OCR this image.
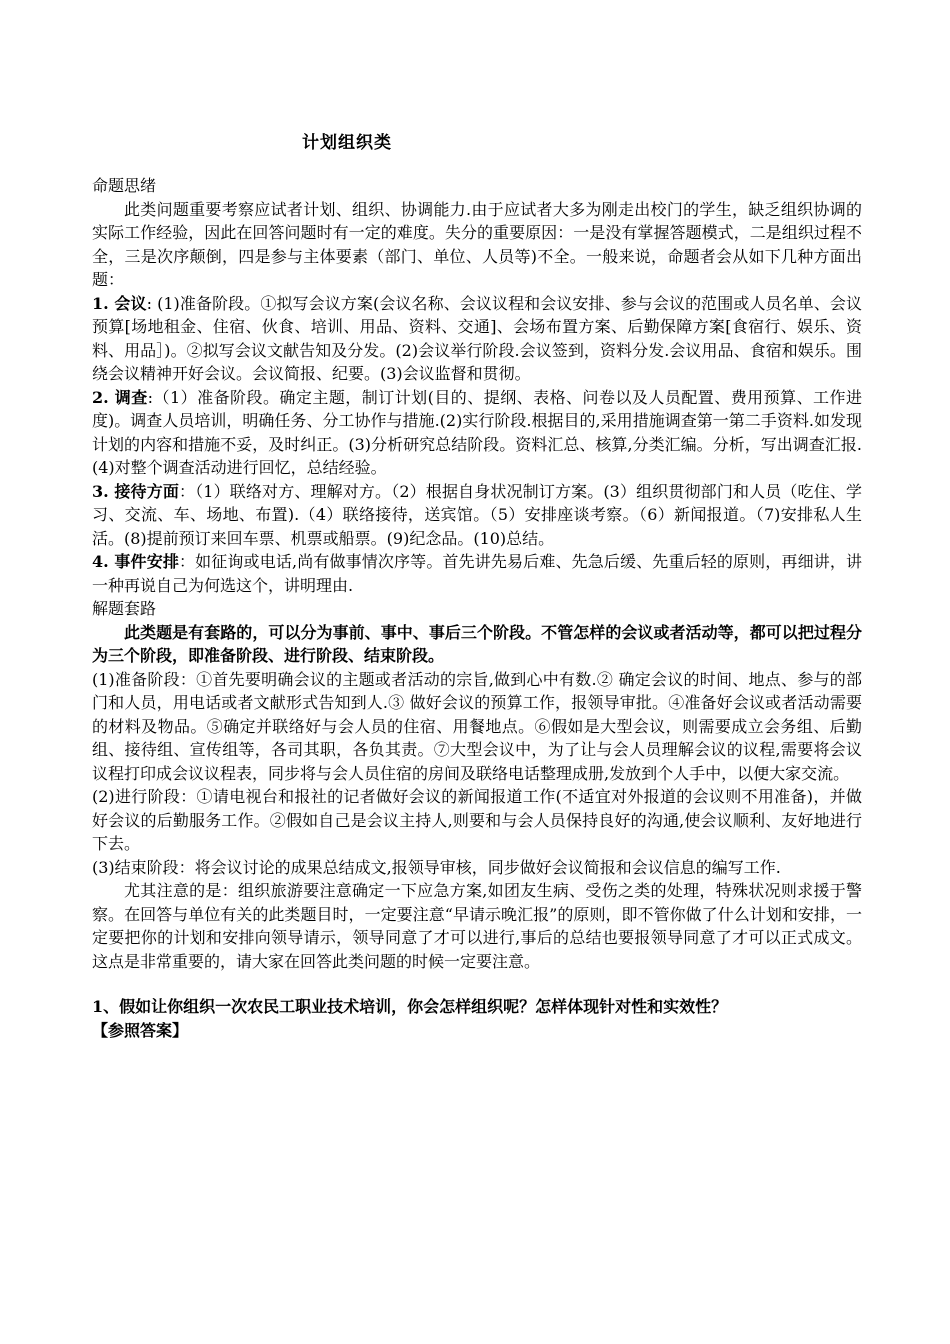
计划组织类

命题思绪

此类问题重要考察应试者计划、组织、协调能力.由于应试者大多为刚走出校门的学生，缺乏组织协调的实际工作经验，因此在回答问题时有一定的难度。失分的重要原因：一是没有掌握答题模式，二是组织过程不全，三是次序颠倒，四是参与主体要素（部门、单位、人员等)不全。一般来说，命题者会从如下几种方面出题：

1. 会议: (1)准备阶段。①拟写会议方案(会议名称、会议议程和会议安排、参与会议的范围或人员名单、会议预算[场地租金、住宿、伙食、培训、用品、资料、交通]、会场布置方案、后勤保障方案[食宿行、娱乐、资料、用品］)。②拟写会议文献告知及分发。(2)会议举行阶段.会议签到，资料分发.会议用品、食宿和娱乐。围绕会议精神开好会议。会议简报、纪要。(3)会议监督和贯彻。

2. 调查:（1）准备阶段。确定主题，制订计划(目的、提纲、表格、问卷以及人员配置、费用预算、工作进度)。调查人员培训，明确任务、分工协作与措施.(2)实行阶段.根据目的,采用措施调查第一第二手资料.如发现计划的内容和措施不妥，及时纠正。(3)分析研究总结阶段。资料汇总、核算,分类汇编。分析，写出调查汇报.(4)对整个调查活动进行回忆，总结经验。

3. 接待方面：（1）联络对方、理解对方。（2）根据自身状况制订方案。(3）组织贯彻部门和人员（吃住、学习、交流、车、场地、布置).（4）联络接待，送宾馆。（5）安排座谈考察。（6）新闻报道。（7)安排私人生活。(8)提前预订来回车票、机票或船票。(9)纪念品。(10)总结。

4. 事件安排：如征询或电话,尚有做事情次序等。首先讲先易后难、先急后缓、先重后轻的原则，再细讲，讲一种再说自己为何选这个，讲明理由.

解题套路

此类题是有套路的，可以分为事前、事中、事后三个阶段。不管怎样的会议或者活动等，都可以把过程分为三个阶段，即准备阶段、进行阶段、结束阶段。

(1)准备阶段：①首先要明确会议的主题或者活动的宗旨,做到心中有数.② 确定会议的时间、地点、参与的部门和人员，用电话或者文献形式告知到人.③ 做好会议的预算工作，报领导审批。④准备好会议或者活动需要的材料及物品。⑤确定并联络好与会人员的住宿、用餐地点。⑥假如是大型会议，则需要成立会务组、后勤组、接待组、宣传组等，各司其职，各负其责。⑦大型会议中，为了让与会人员理解会议的议程,需要将会议议程打印成会议议程表，同步将与会人员住宿的房间及联络电话整理成册,发放到个人手中，以便大家交流。

(2)进行阶段：①请电视台和报社的记者做好会议的新闻报道工作(不适宜对外报道的会议则不用准备)，并做好会议的后勤服务工作。②假如自己是会议主持人,则要和与会人员保持良好的沟通,使会议顺利、友好地进行下去。

(3)结束阶段：将会议讨论的成果总结成文,报领导审核，同步做好会议简报和会议信息的编写工作.

尤其注意的是：组织旅游要注意确定一下应急方案,如团友生病、受伤之类的处理，特殊状况则求援于警察。在回答与单位有关的此类题目时，一定要注意“早请示晚汇报”的原则，即不管你做了什么计划和安排，一定要把你的计划和安排向领导请示，领导同意了才可以进行,事后的总结也要报领导同意了才可以正式成文。这点是非常重要的，请大家在回答此类问题的时候一定要注意。

1、假如让你组织一次农民工职业技术培训，你会怎样组织呢？怎样体现针对性和实效性？

【参照答案】
